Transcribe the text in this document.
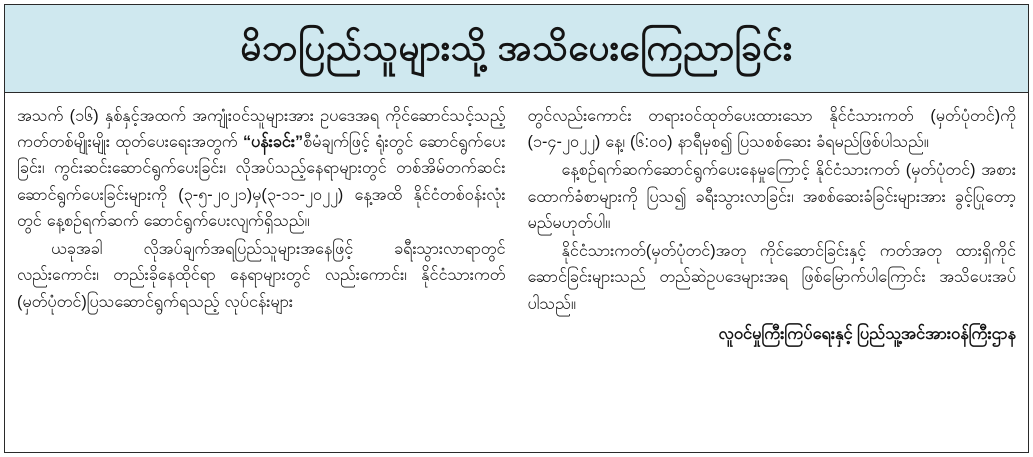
မိဘပြည်သူများသို့ အသိပေးကြေညာခြင်း

အသက် (၁၆) နှစ်နှင့်အထက် အကျုံးဝင်သူများအား ဥပဒေအရ ကိုင်ဆောင်သင့်သည့် ကတ်တစ်မျိုးမျိုး ထုတ်ပေးရေးအတွက် “ပန်းခင်း”စီမံချက်ဖြင့် ရုံးတွင် ဆောင်ရွက်ပေးခြင်း၊ ကွင်းဆင်းဆောင်ရွက်ပေးခြင်း၊ လိုအပ်သည့်နေရာများတွင် တစ်အိမ်တက်ဆင်း ဆောင်ရွက်ပေးခြင်းများကို (၃-၅-၂၀၂၁)မှ(၃-၁၁-၂၀၂၂) နေ့အထိ နိုင်ငံတစ်ဝန်းလုံးတွင် နေ့စဉ်ရက်ဆက် ဆောင်ရွက်ပေးလျက်ရှိသည်။

ယခုအခါ လိုအပ်ချက်အရပြည်သူများအနေဖြင့် ခရီးသွားလာရာတွင်လည်းကောင်း၊ တည်းခိုနေထိုင်ရာ နေရာများတွင် လည်းကောင်း၊ နိုင်ငံသားကတ် (မှတ်ပုံတင်)ပြသဆောင်ရွက်ရသည့် လုပ်ငန်းများ

တွင်လည်းကောင်း တရားဝင်ထုတ်ပေးထားသော နိုင်ငံသားကတ် (မှတ်ပုံတင်)ကို (၁-၄-၂၀၂၂) နေ့၊ (၆:၀၀) နာရီမှစ၍ ပြသစစ်ဆေး ခံရမည်ဖြစ်ပါသည်။

နေ့စဉ်ရက်ဆက်ဆောင်ရွက်ပေးနေမှုကြောင့် နိုင်ငံသားကတ် (မှတ်ပုံတင်) အစား ထောက်ခံစာများကို ပြသ၍ ခရီးသွားလာခြင်း၊ အစစ်ဆေးခံခြင်းများအား ခွင့်ပြုတော့မည်မဟုတ်ပါ။

နိုင်ငံသားကတ်(မှတ်ပုံတင်)အတု ကိုင်ဆောင်ခြင်းနှင့် ကတ်အတု ထားရှိကိုင်ဆောင်ခြင်းများသည် တည်ဆဲဥပဒေများအရ ဖြစ်မြောက်ပါကြောင်း အသိပေးအပ်ပါသည်။

လူဝင်မှုကြီးကြပ်ရေးနှင့် ပြည်သူ့အင်အားဝန်ကြီးဌာန
